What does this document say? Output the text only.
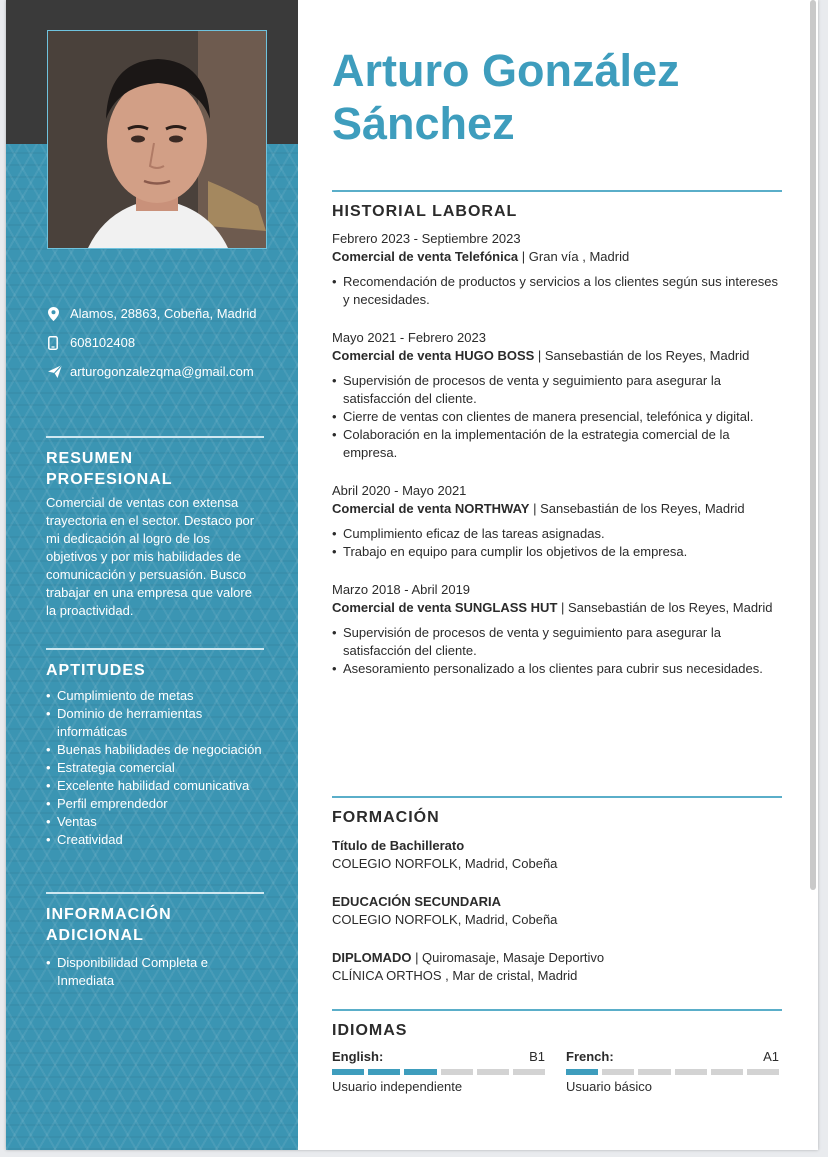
Alamos, 28863, Cobeña, Madrid
608102408
arturogonzalezqma@gmail.com
RESUMEN PROFESIONAL
Comercial de ventas con extensa trayectoria en el sector. Destaco por mi dedicación al logro de los objetivos y por mis habilidades de comunicación y persuasión. Busco trabajar en una empresa que valore la proactividad.
APTITUDES
• Cumplimiento de metas
• Dominio de herramientas informáticas
• Buenas habilidades de negociación
• Estrategia comercial
• Excelente habilidad comunicativa
• Perfil emprendedor
• Ventas
• Creatividad
INFORMACIÓN ADICIONAL
• Disponibilidad Completa e Inmediata
Arturo González Sánchez
HISTORIAL LABORAL
Febrero 2023 - Septiembre 2023
Comercial de venta Telefónica | Gran vía , Madrid
• Recomendación de productos y servicios a los clientes según sus intereses y necesidades.
Mayo 2021 - Febrero 2023
Comercial de venta HUGO BOSS | Sansebastián de los Reyes, Madrid
• Supervisión de procesos de venta y seguimiento para asegurar la satisfacción del cliente.
• Cierre de ventas con clientes de manera presencial, telefónica y digital.
• Colaboración en la implementación de la estrategia comercial de la empresa.
Abril 2020 - Mayo 2021
Comercial de venta NORTHWAY | Sansebastián de los Reyes, Madrid
• Cumplimiento eficaz de las tareas asignadas.
• Trabajo en equipo para cumplir los objetivos de la empresa.
Marzo 2018 - Abril 2019
Comercial de venta SUNGLASS HUT | Sansebastián de los Reyes, Madrid
• Supervisión de procesos de venta y seguimiento para asegurar la satisfacción del cliente.
• Asesoramiento personalizado a los clientes para cubrir sus necesidades.
FORMACIÓN
Título de Bachillerato
COLEGIO NORFOLK, Madrid, Cobeña
EDUCACIÓN SECUNDARIA
COLEGIO NORFOLK, Madrid, Cobeña
DIPLOMADO | Quiromasaje, Masaje Deportivo
CLÍNICA ORTHOS , Mar de cristal, Madrid
IDIOMAS
English:	B1
Usuario independiente
French:	A1
Usuario básico
